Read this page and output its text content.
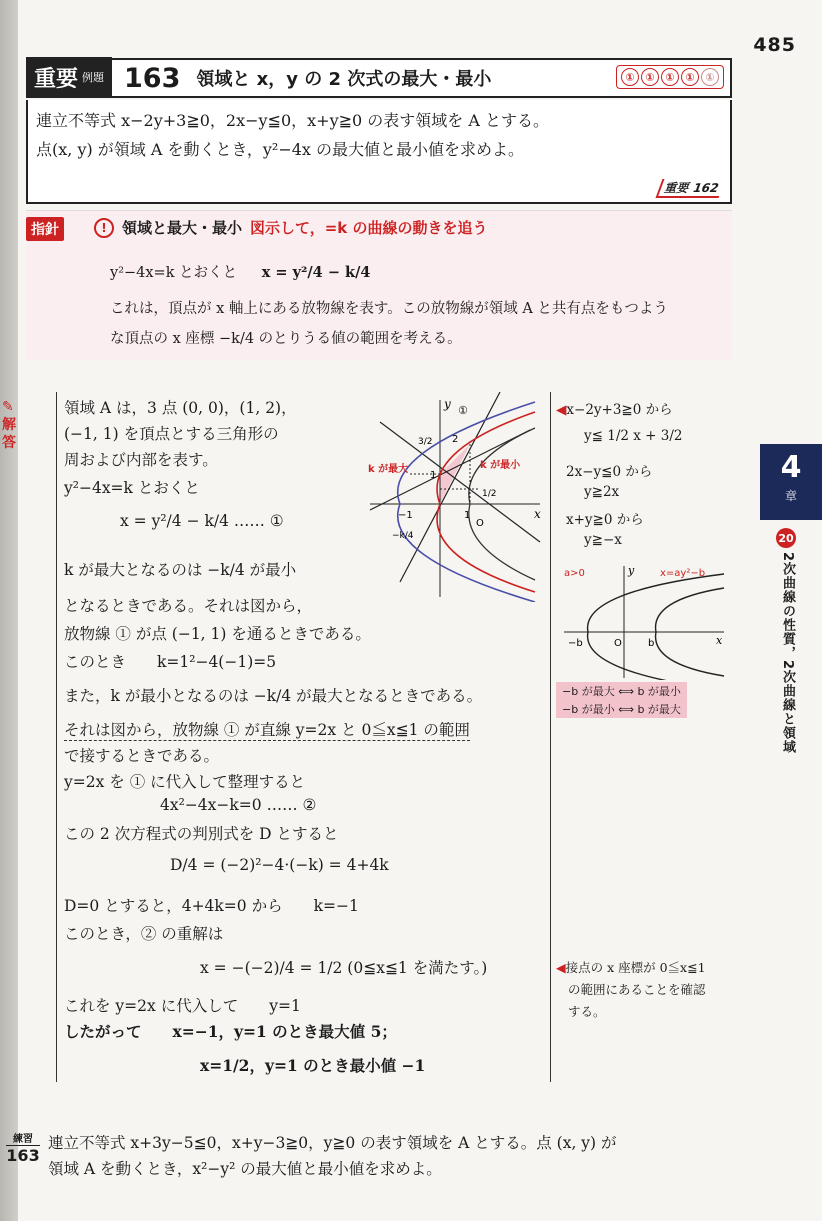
485
重要 例題 163 領域と x，y の 2 次式の最大・最小	① ① ① ① ①
連立不等式 x−2y+3≧0，2x−y≦0，x+y≧0 の表す領域を A とする。
点(x, y) が領域 A を動くとき，y²−4x の最大値と最小値を求めよ。
重要 162
指針	!	領域と最大・最小 図示して，=k の曲線の動きを追う
y²−4x=k とおくと x = y²/4 − k/4
これは，頂点が x 軸上にある放物線を表す。この放物線が領域 A と共有点をもつよう
な頂点の x 座標 −k/4 のとりうる値の範囲を考える。
✎
解答
領域 A は，3 点 (0, 0)，(1, 2)，
(−1, 1) を頂点とする三角形の
周および内部を表す。
y²−4x=k とおくと
x = y²/4 − k/4 …… ①
k が最大となるのは −k/4 が最小
となるときである。それは図から，
放物線 ① が点 (−1, 1) を通るときである。
このとき　　k=1²−4(−1)=5
また，k が最小となるのは −k/4 が最大となるときである。
それは図から，放物線 ① が直線 y=2x と 0≦x≦1 の範囲
で接するときである。
y=2x を ① に代入して整理すると
4x²−4x−k=0 …… ②
この 2 次方程式の判別式を D とすると
D/4 = (−2)²−4·(−k) = 4+4k
D=0 とすると，4+4k=0 から　　k=−1
このとき，② の重解は
x = −(−2)/4 = 1/2 (0≦x≦1 を満たす。)
これを y=2x に代入して　　y=1
したがって　　x=−1，y=1 のとき最大値 5；
x=1/2，y=1 のとき最小値 −1
y
x
①
3/2 2
1
1/2
−1
−k/4
O
1
k が最大	k が最小
◀x−2y+3≧0 から
y≦ 1/2 x + 3/2
2x−y≦0 から
y≧2x
x+y≧0 から
y≧−x
a>0	x=ay²−b
y
x
−b	O	b
−b が最大 ⟺ b が最小
−b が最小 ⟺ b が最大
◀接点の x 座標が 0≦x≦1
の範囲にあることを確認
する。
4
章
20
2次曲線の性質，2次曲線と領域
練習
163
連立不等式 x+3y−5≦0，x+y−3≧0，y≧0 の表す領域を A とする。点 (x, y) が
領域 A を動くとき，x²−y² の最大値と最小値を求めよ。
